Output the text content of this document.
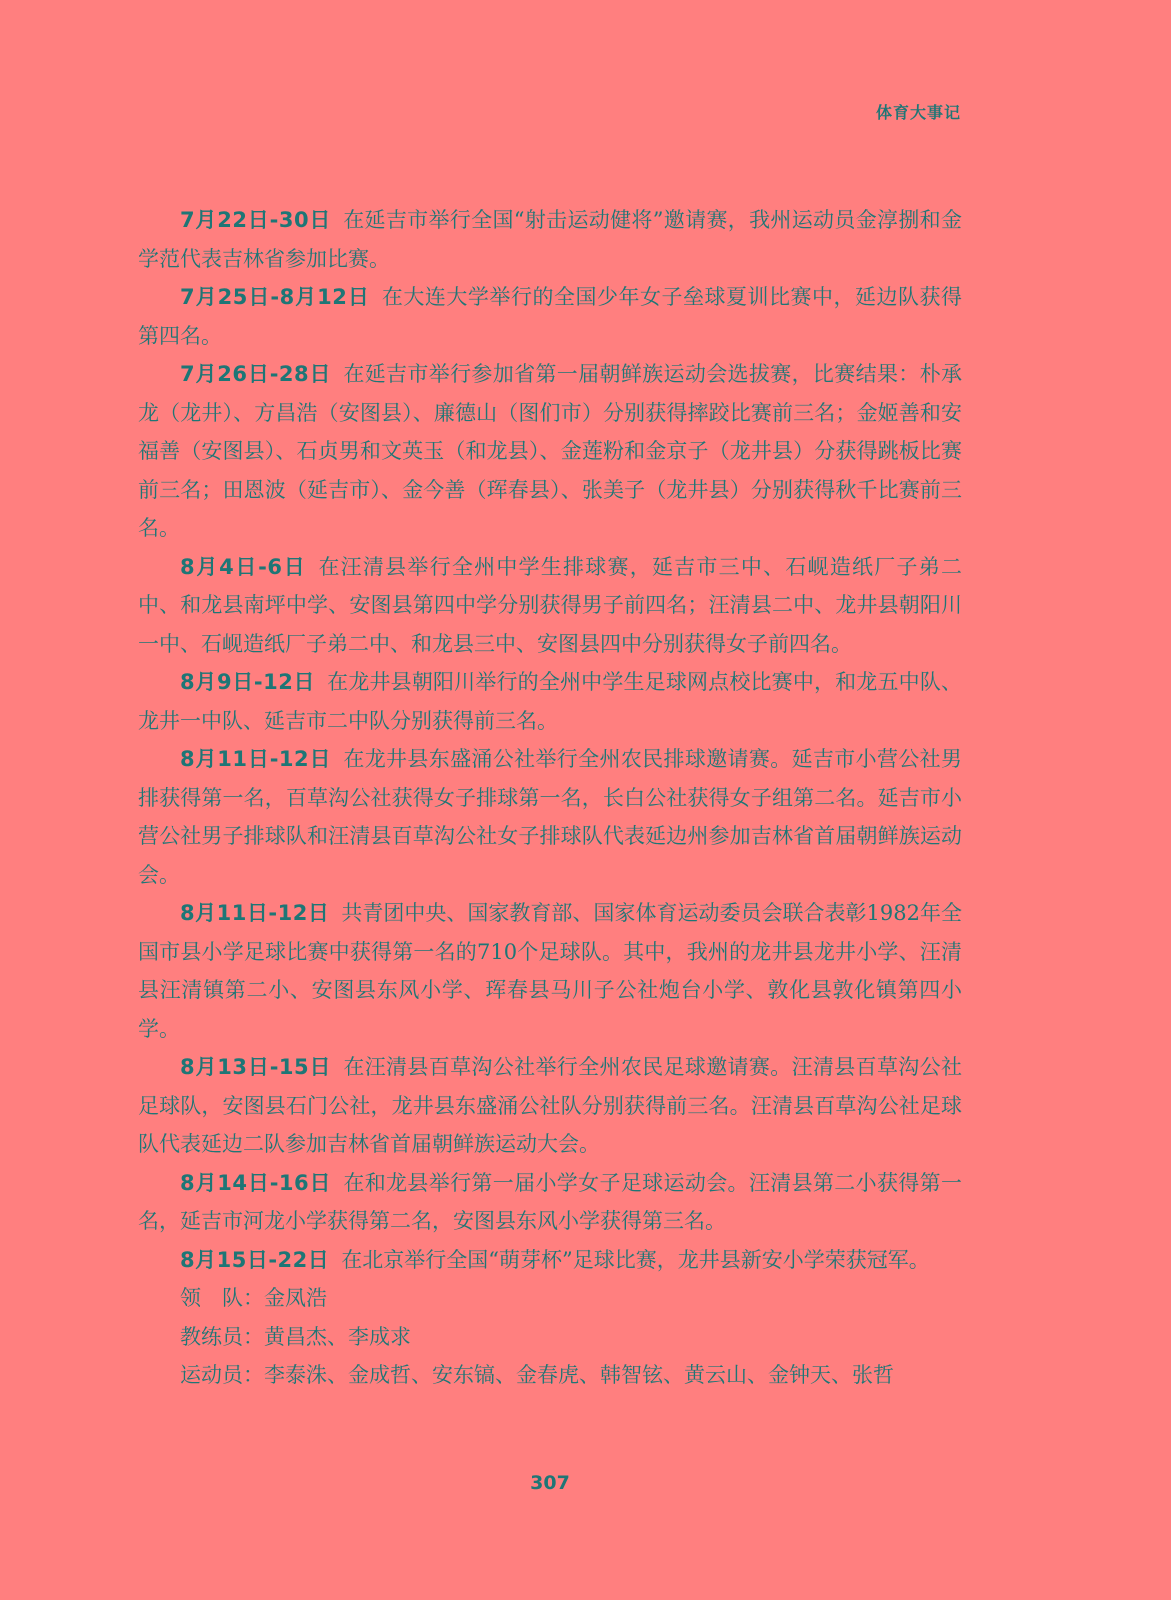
体育大事记

7月22日-30日 在延吉市举行全国“射击运动健将”邀请赛，我州运动员金淳捌和金学范代表吉林省参加比赛。

7月25日-8月12日 在大连大学举行的全国少年女子垒球夏训比赛中，延边队获得第四名。

7月26日-28日 在延吉市举行参加省第一届朝鲜族运动会选拔赛，比赛结果：朴承龙（龙井）、方昌浩（安图县）、廉德山（图们市）分别获得摔跤比赛前三名；金姬善和安福善（安图县）、石贞男和文英玉（和龙县）、金莲粉和金京子（龙井县）分获得跳板比赛前三名；田恩波（延吉市）、金今善（珲春县）、张美子（龙井县）分别获得秋千比赛前三名。

8月4日-6日 在汪清县举行全州中学生排球赛，延吉市三中、石岘造纸厂子弟二中、和龙县南坪中学、安图县第四中学分别获得男子前四名；汪清县二中、龙井县朝阳川一中、石岘造纸厂子弟二中、和龙县三中、安图县四中分别获得女子前四名。

8月9日-12日 在龙井县朝阳川举行的全州中学生足球网点校比赛中，和龙五中队、龙井一中队、延吉市二中队分别获得前三名。

8月11日-12日 在龙井县东盛涌公社举行全州农民排球邀请赛。延吉市小营公社男排获得第一名，百草沟公社获得女子排球第一名，长白公社获得女子组第二名。延吉市小营公社男子排球队和汪清县百草沟公社女子排球队代表延边州参加吉林省首届朝鲜族运动会。

8月11日-12日 共青团中央、国家教育部、国家体育运动委员会联合表彰1982年全国市县小学足球比赛中获得第一名的710个足球队。其中，我州的龙井县龙井小学、汪清县汪清镇第二小、安图县东风小学、珲春县马川子公社炮台小学、敦化县敦化镇第四小学。

8月13日-15日 在汪清县百草沟公社举行全州农民足球邀请赛。汪清县百草沟公社足球队，安图县石门公社，龙井县东盛涌公社队分别获得前三名。汪清县百草沟公社足球队代表延边二队参加吉林省首届朝鲜族运动大会。

8月14日-16日 在和龙县举行第一届小学女子足球运动会。汪清县第二小获得第一名，延吉市河龙小学获得第二名，安图县东风小学获得第三名。

8月15日-22日 在北京举行全国“萌芽杯”足球比赛，龙井县新安小学荣获冠军。

领　队：金凤浩

教练员：黄昌杰、李成求

运动员：李泰洙、金成哲、安东镐、金春虎、韩智铉、黄云山、金钟天、张哲

307
